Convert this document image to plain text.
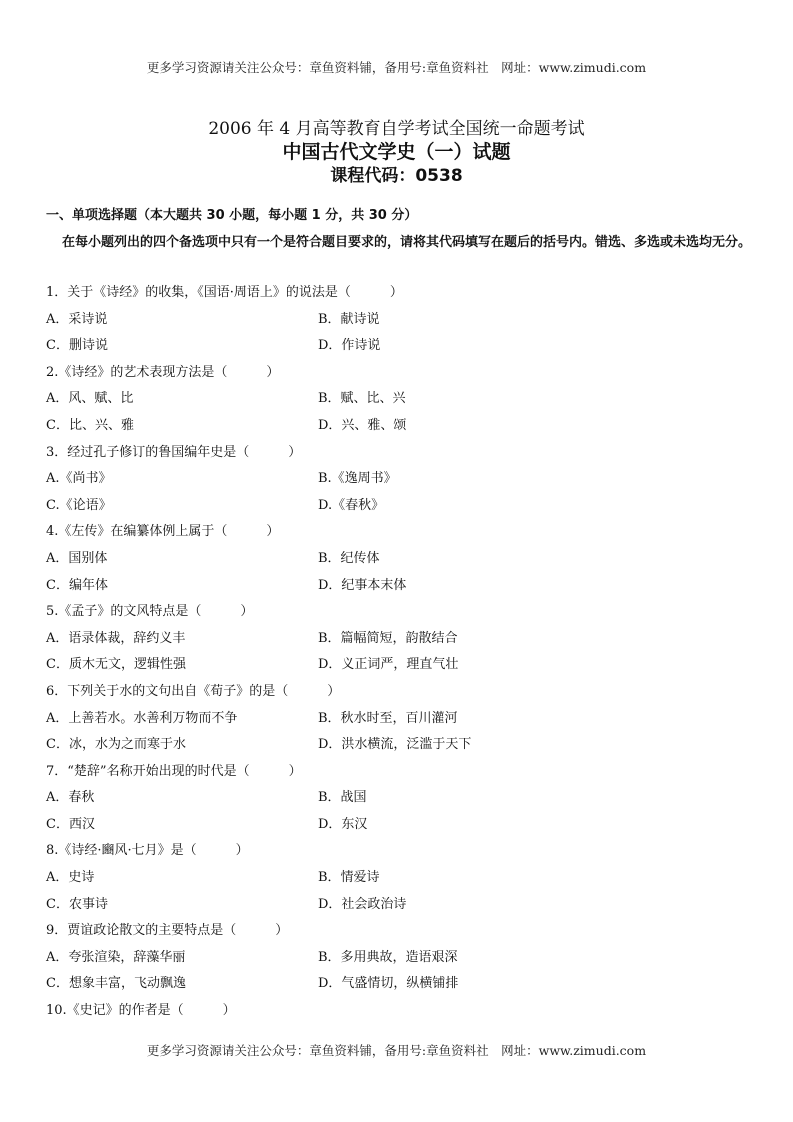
更多学习资源请关注公众号：章鱼资料铺，备用号:章鱼资料社　网址：www.zimudi.com
2006 年 4 月高等教育自学考试全国统一命题考试
中国古代文学史（一）试题
课程代码：0538
一、单项选择题（本大题共 30 小题，每小题 1 分，共 30 分）
在每小题列出的四个备选项中只有一个是符合题目要求的，请将其代码填写在题后的括号内。错选、多选或未选均无分。
1．关于《诗经》的收集，《国语·周语上》的说法是（　　　）
A．采诗说	B．献诗说
C．删诗说	D．作诗说
2.《诗经》的艺术表现方法是（　　　）
A．风、赋、比	B．赋、比、兴
C．比、兴、雅	D．兴、雅、颂
3．经过孔子修订的鲁国编年史是（　　　）
A.《尚书》	B.《逸周书》
C.《论语》	D.《春秋》
4.《左传》在编纂体例上属于（　　　）
A．国别体	B．纪传体
C．编年体	D．纪事本末体
5.《孟子》的文风特点是（　　　）
A．语录体裁，辞约义丰	B．篇幅简短，韵散结合
C．质木无文，逻辑性强	D．义正词严，理直气壮
6．下列关于水的文句出自《荀子》的是（　　　）
A．上善若水。水善利万物而不争	B．秋水时至，百川灌河
C．冰，水为之而寒于水	D．洪水横流，泛滥于天下
7．“楚辞”名称开始出现的时代是（　　　）
A．春秋	B．战国
C．西汉	D．东汉
8.《诗经·豳风·七月》是（　　　）
A．史诗	B．情爱诗
C．农事诗	D．社会政治诗
9．贾谊政论散文的主要特点是（　　　）
A．夸张渲染，辞藻华丽	B．多用典故，造语艰深
C．想象丰富，飞动飘逸	D．气盛情切，纵横铺排
10.《史记》的作者是（　　　）
更多学习资源请关注公众号：章鱼资料铺，备用号:章鱼资料社　网址：www.zimudi.com
